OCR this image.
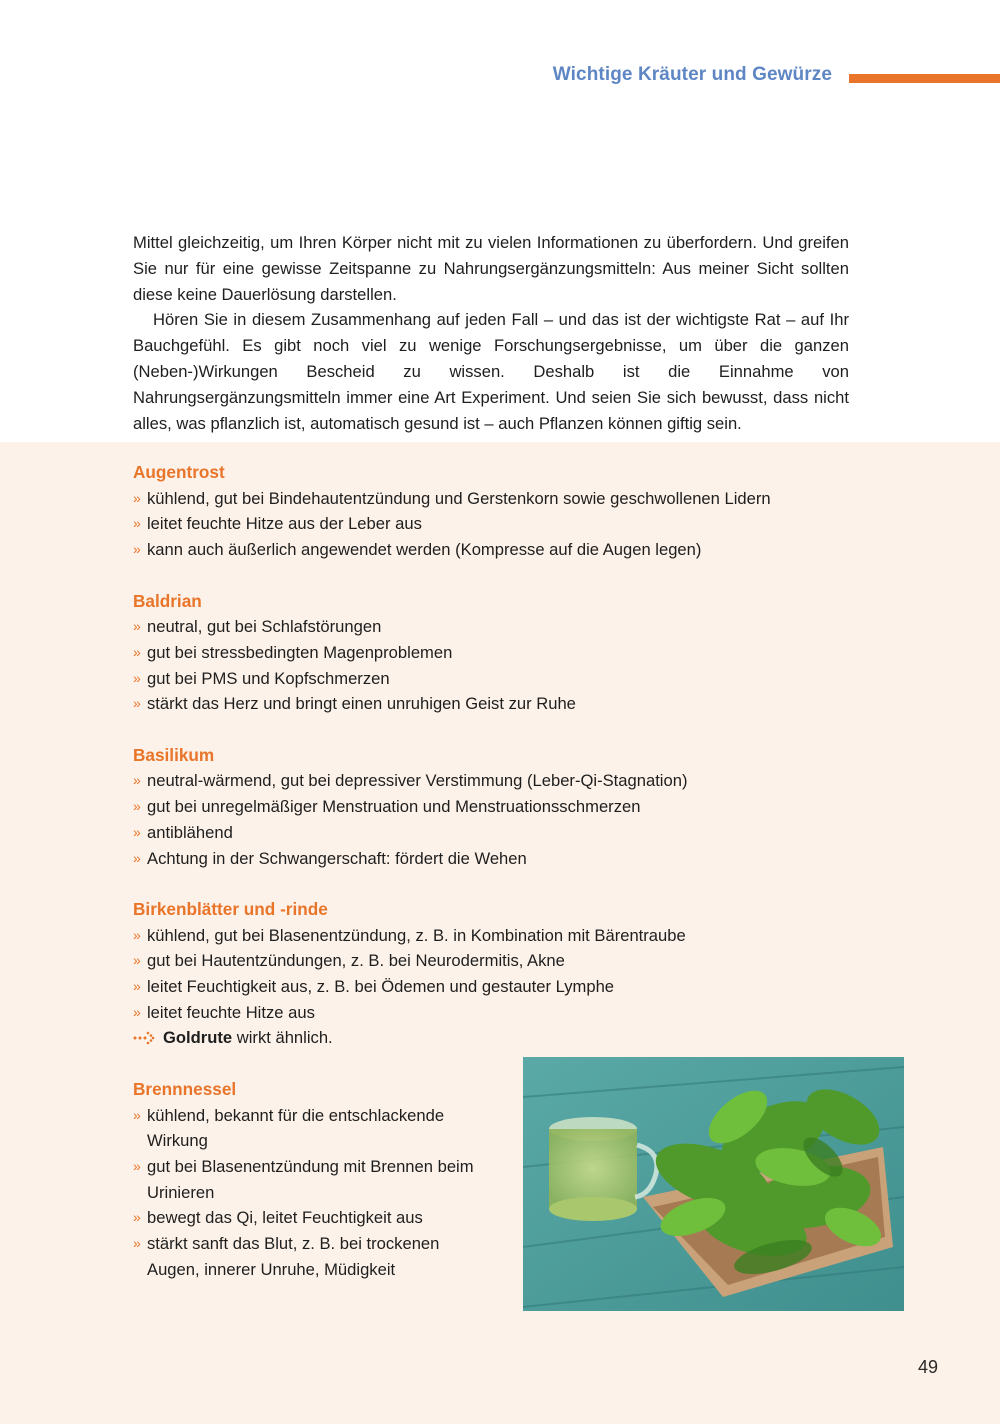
Wichtige Kräuter und Gewürze

Mittel gleichzeitig, um Ihren Körper nicht mit zu vielen Informationen zu überfordern. Und greifen Sie nur für eine gewisse Zeitspanne zu Nahrungsergänzungsmitteln: Aus meiner Sicht sollten diese keine Dauerlösung darstellen.

Hören Sie in diesem Zusammenhang auf jeden Fall – und das ist der wichtigste Rat – auf Ihr Bauchgefühl. Es gibt noch viel zu wenige Forschungsergebnisse, um über die ganzen (Neben-)Wirkungen Bescheid zu wissen. Deshalb ist die Einnahme von Nahrungsergänzungsmitteln immer eine Art Experiment. Und seien Sie sich bewusst, dass nicht alles, was pflanzlich ist, automatisch gesund ist – auch Pflanzen können giftig sein.

Augentrost
» kühlend, gut bei Bindehautentzündung und Gerstenkorn sowie geschwollenen Lidern
» leitet feuchte Hitze aus der Leber aus
» kann auch äußerlich angewendet werden (Kompresse auf die Augen legen)
Baldrian
» neutral, gut bei Schlafstörungen
» gut bei stressbedingten Magenproblemen
» gut bei PMS und Kopfschmerzen
» stärkt das Herz und bringt einen unruhigen Geist zur Ruhe
Basilikum
» neutral-wärmend, gut bei depressiver Verstimmung (Leber-Qi-Stagnation)
» gut bei unregelmäßiger Menstruation und Menstruationsschmerzen
» antiblähend
» Achtung in der Schwangerschaft: fördert die Wehen
Birkenblätter und -rinde
» kühlend, gut bei Blasenentzündung, z. B. in Kombination mit Bärentraube
» gut bei Hautentzündungen, z. B. bei Neurodermitis, Akne
» leitet Feuchtigkeit aus, z. B. bei Ödemen und gestauter Lymphe
» leitet feuchte Hitze aus
Goldrute wirkt ähnlich.
Brennnessel
» kühlend, bekannt für die entschlackende Wirkung
» gut bei Blasenentzündung mit Brennen beim Urinieren
» bewegt das Qi, leitet Feuchtigkeit aus
» stärkt sanft das Blut, z. B. bei trockenen Augen, innerer Unruhe, Müdigkeit
49
